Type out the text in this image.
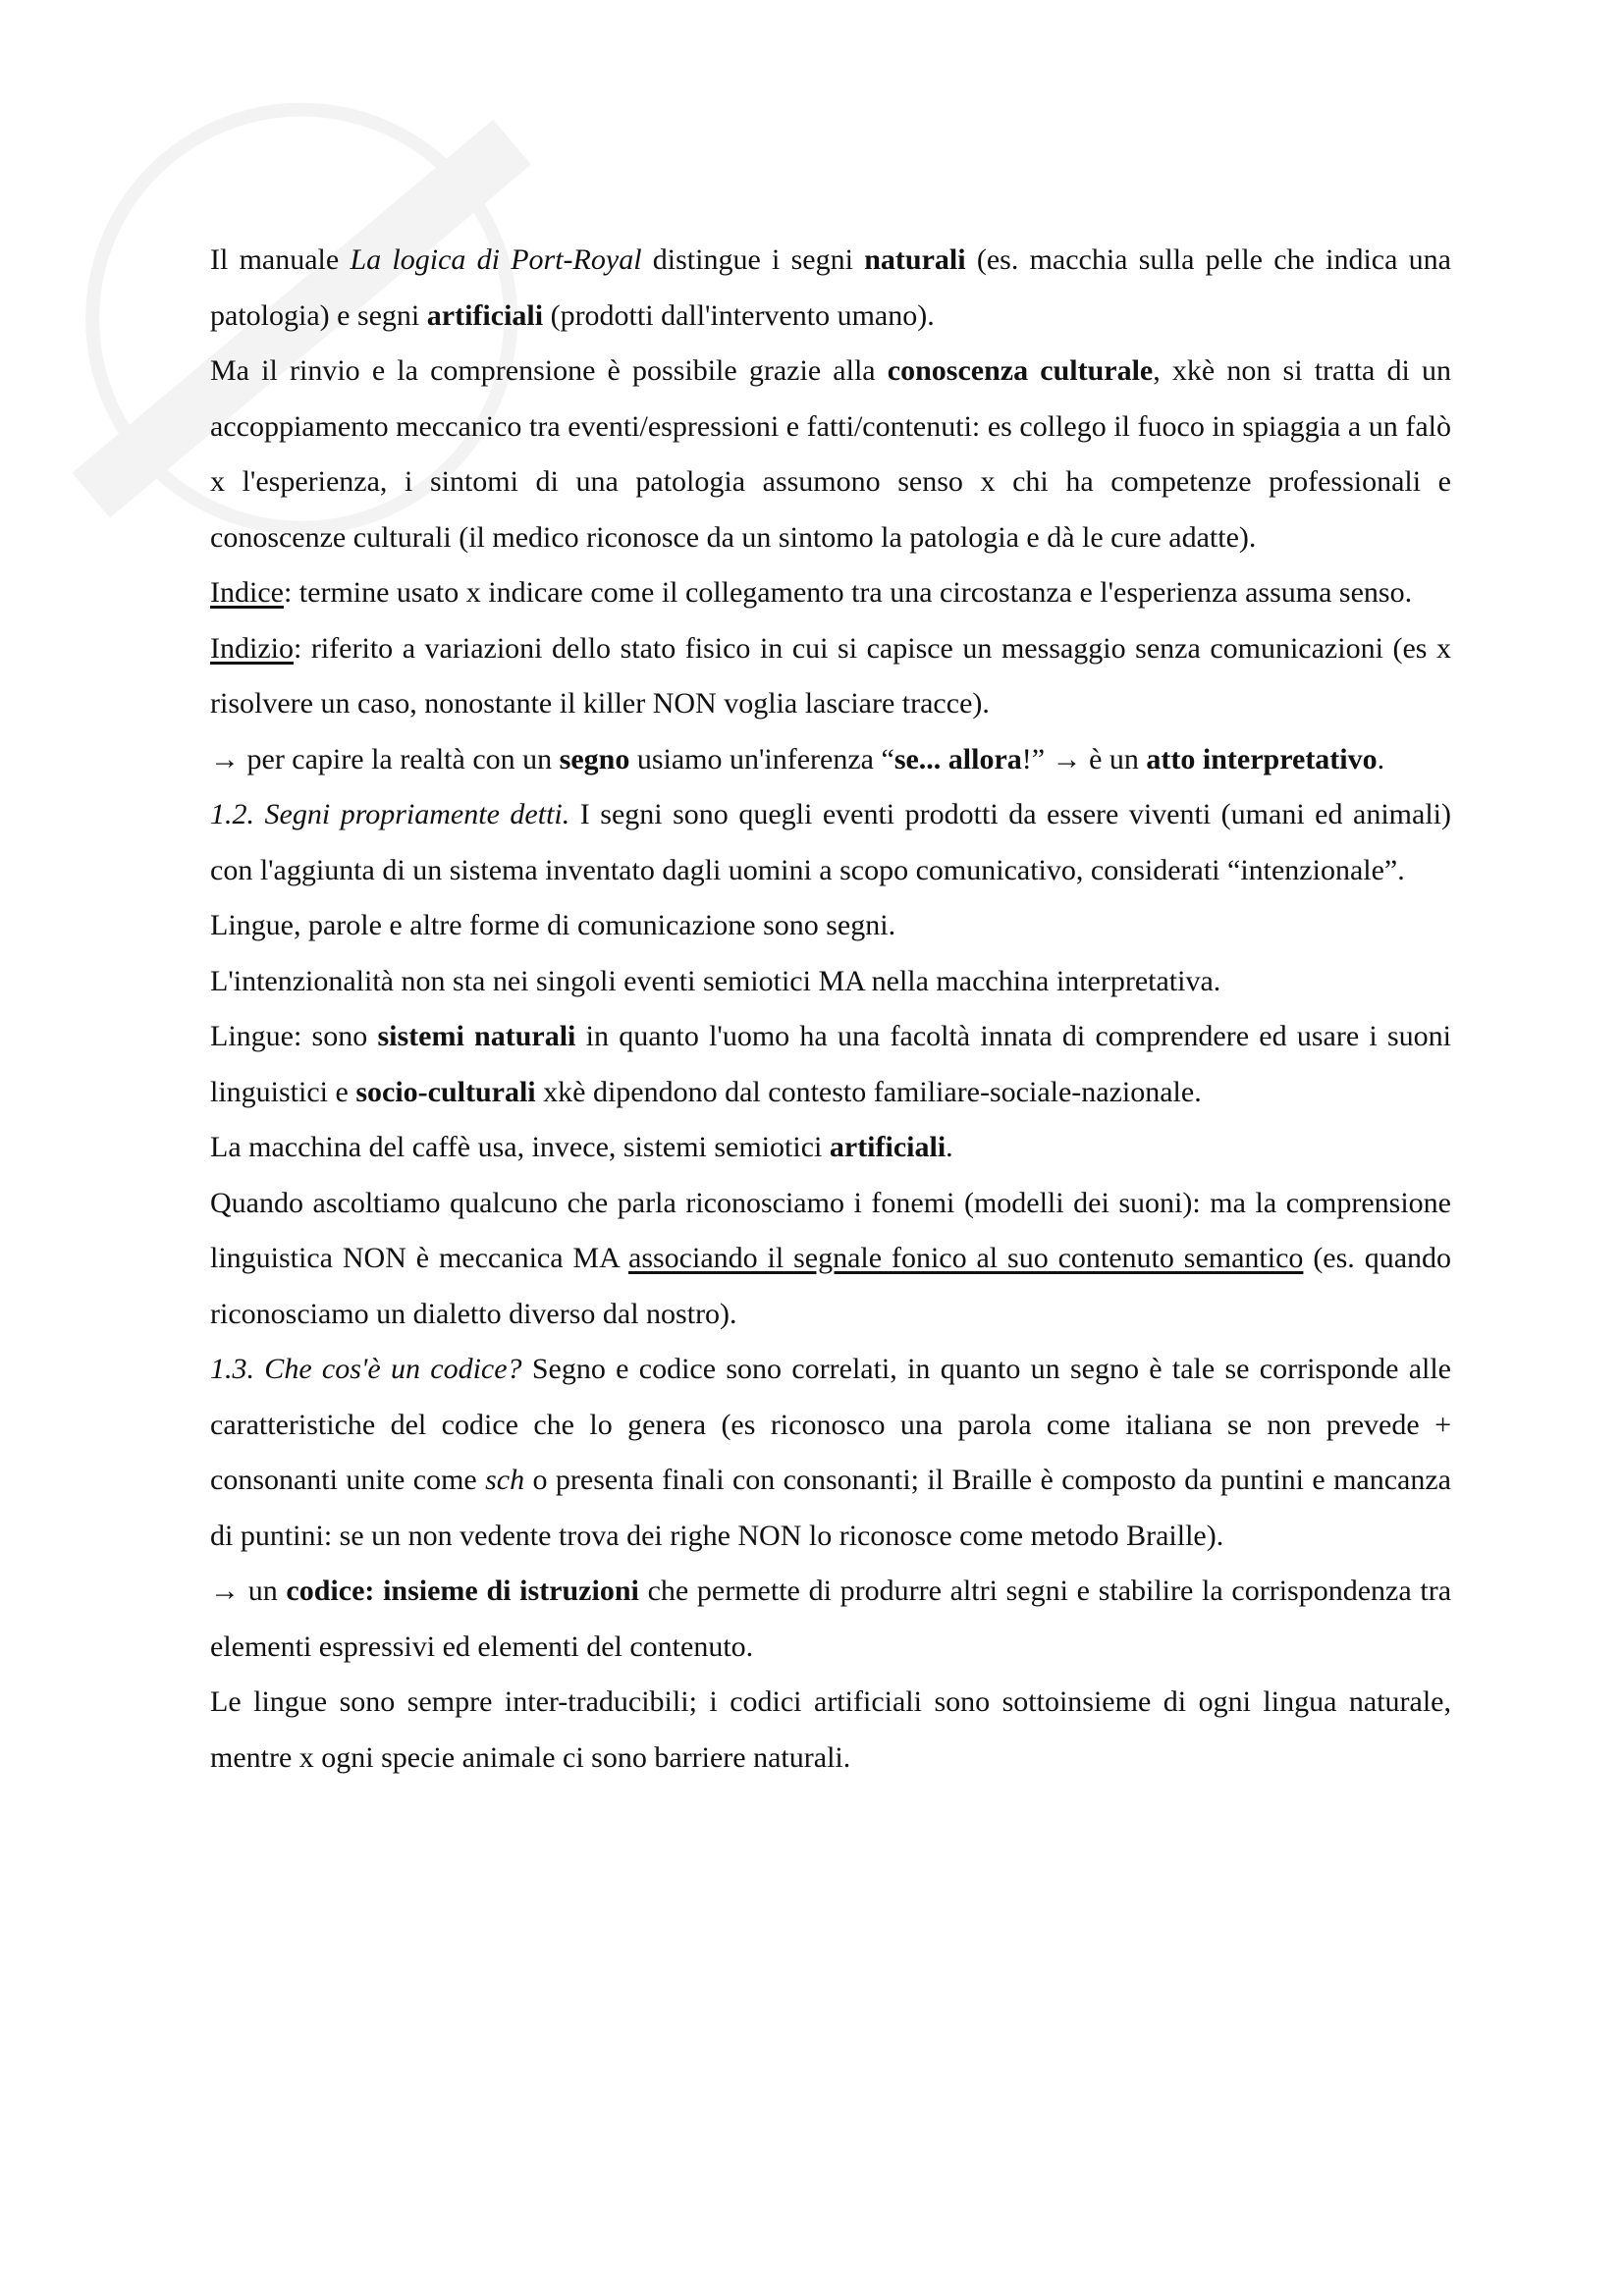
Il manuale La logica di Port-Royal distingue i segni naturali (es. macchia sulla pelle che indica una patologia) e segni artificiali (prodotti dall'intervento umano).

Ma il rinvio e la comprensione è possibile grazie alla conoscenza culturale, xkè non si tratta di un accoppiamento meccanico tra eventi/espressioni e fatti/contenuti: es collego il fuoco in spiaggia a un falò x l'esperienza, i sintomi di una patologia assumono senso x chi ha competenze professionali e conoscenze culturali (il medico riconosce da un sintomo la patologia e dà le cure adatte).

Indice: termine usato x indicare come il collegamento tra una circostanza e l'esperienza assuma senso.

Indizio: riferito a variazioni dello stato fisico in cui si capisce un messaggio senza comunicazioni (es x risolvere un caso, nonostante il killer NON voglia lasciare tracce).

→ per capire la realtà con un segno usiamo un'inferenza “se... allora!” → è un atto interpretativo.

1.2. Segni propriamente detti. I segni sono quegli eventi prodotti da essere viventi (umani ed animali) con l'aggiunta di un sistema inventato dagli uomini a scopo comunicativo, considerati “intenzionale”.

Lingue, parole e altre forme di comunicazione sono segni.

L'intenzionalità non sta nei singoli eventi semiotici MA nella macchina interpretativa.

Lingue: sono sistemi naturali in quanto l'uomo ha una facoltà innata di comprendere ed usare i suoni linguistici e socio-culturali xkè dipendono dal contesto familiare-sociale-nazionale.

La macchina del caffè usa, invece, sistemi semiotici artificiali.

Quando ascoltiamo qualcuno che parla riconosciamo i fonemi (modelli dei suoni): ma la comprensione linguistica NON è meccanica MA associando il segnale fonico al suo contenuto semantico (es. quando riconosciamo un dialetto diverso dal nostro).

1.3. Che cos'è un codice? Segno e codice sono correlati, in quanto un segno è tale se corrisponde alle caratteristiche del codice che lo genera (es riconosco una parola come italiana se non prevede + consonanti unite come sch o presenta finali con consonanti; il Braille è composto da puntini e mancanza di puntini: se un non vedente trova dei righe NON lo riconosce come metodo Braille).

→ un codice: insieme di istruzioni che permette di produrre altri segni e stabilire la corrispondenza tra elementi espressivi ed elementi del contenuto.

Le lingue sono sempre inter-traducibili; i codici artificiali sono sottoinsieme di ogni lingua naturale, mentre x ogni specie animale ci sono barriere naturali.
